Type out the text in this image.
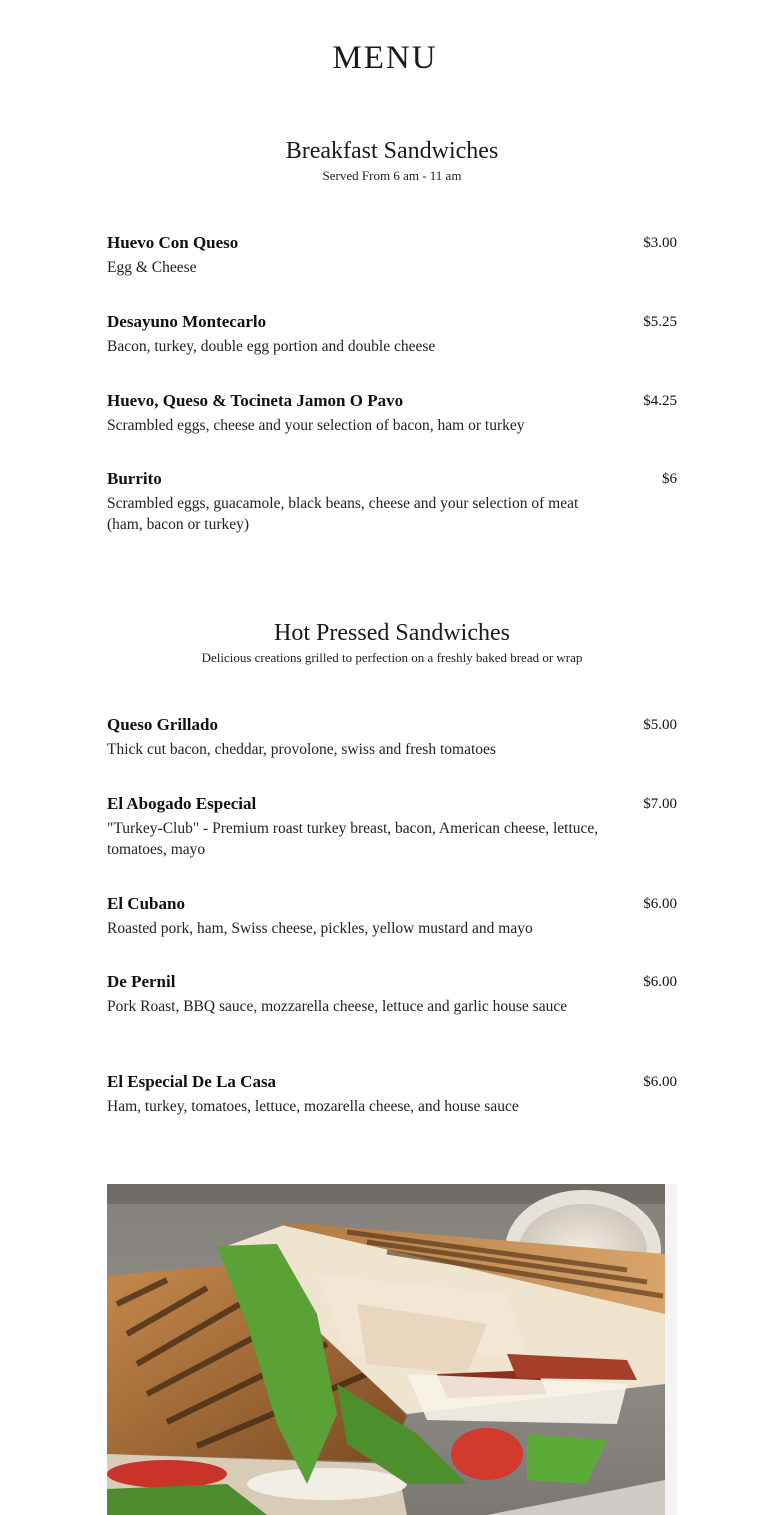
MENU
Breakfast Sandwiches

Served From 6 am - 11 am

Huevo Con Queso

Egg & Cheese

$3.00

Desayuno Montecarlo

Bacon, turkey, double egg portion and double cheese

$5.25

Huevo, Queso & Tocineta Jamon O Pavo

Scrambled eggs, cheese and your selection of bacon, ham or turkey

$4.25

Burrito

Scrambled eggs, guacamole, black beans, cheese and your selection of meat (ham, bacon or turkey)

$6
Hot Pressed Sandwiches

Delicious creations grilled to perfection on a freshly baked bread or wrap

Queso Grillado

Thick cut bacon, cheddar, provolone, swiss and fresh tomatoes

$5.00

El Abogado Especial

"Turkey-Club" - Premium roast turkey breast, bacon, American cheese, lettuce, tomatoes, mayo

$7.00

El Cubano

Roasted pork, ham, Swiss cheese, pickles, yellow mustard and mayo

$6.00

De Pernil

Pork Roast, BBQ sauce, mozzarella cheese, lettuce and garlic house sauce

$6.00

El Especial De La Casa

Ham, turkey, tomatoes, lettuce, mozarella cheese, and house sauce

$6.00
